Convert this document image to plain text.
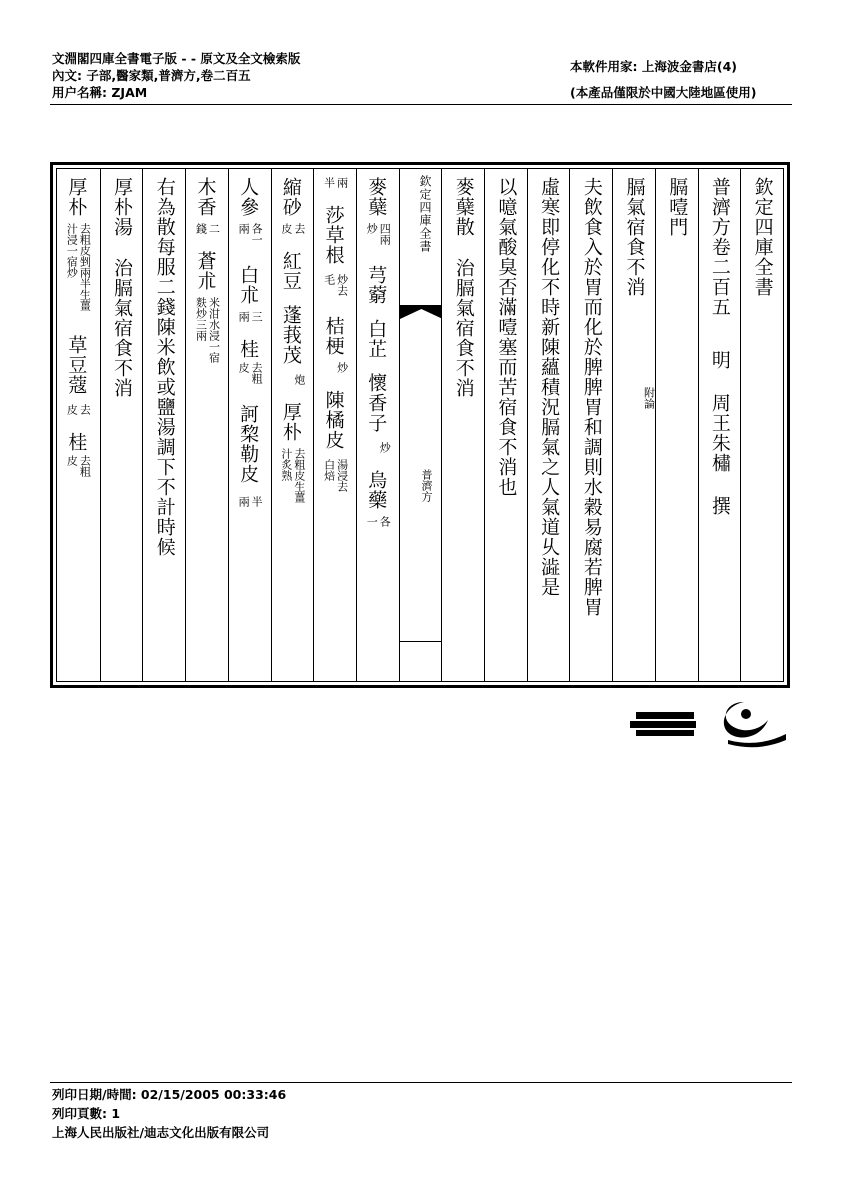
文淵閣四庫全書電子版 - - 原文及全文檢索版
內文: 子部,醫家類,普濟方,卷二百五
用户名稱: ZJAM
本軟件用家: 上海波金書店(4)
(本產品僅限於中國大陸地區使用)
欽定四庫全書
普濟方卷二百五
明 周王朱橚 撰
膈噎門
膈氣宿食不消
附論
夫飲食入於胃而化於脾脾胃和調則水穀易腐若脾胃
虛寒即停化不時新陳蘊積況膈氣之人氣道乆澁是
以噫氣酸臭否滿噎塞而苦宿食不消也
麥蘖散
治膈氣宿食不消
欽定四庫全書
普濟方
麥蘖
四兩炒
芎藭
白芷
懷香子
炒
烏藥
各一
兩半
莎草根
炒去毛
桔梗
炒
陳橘皮
湯浸去白焙
縮砂
去皮
紅豆
蓬莪茂
炮
厚朴
去粗皮生薑汁炙熟
人參
各一兩
白朮
三兩
桂
去粗皮
訶棃勒皮
半兩
木香
二錢
蒼朮
米泔水浸一宿麩炒三兩
右為散每服二錢陳米飲或鹽湯調下不計時候
厚朴湯
治膈氣宿食不消
厚朴
去粗皮剉兩半生薑汁浸一宿炒
草豆蔻
去皮
桂
去粗皮
列印日期/時間: 02/15/2005 00:33:46
列印頁數: 1
上海人民出版社/迪志文化出版有限公司
